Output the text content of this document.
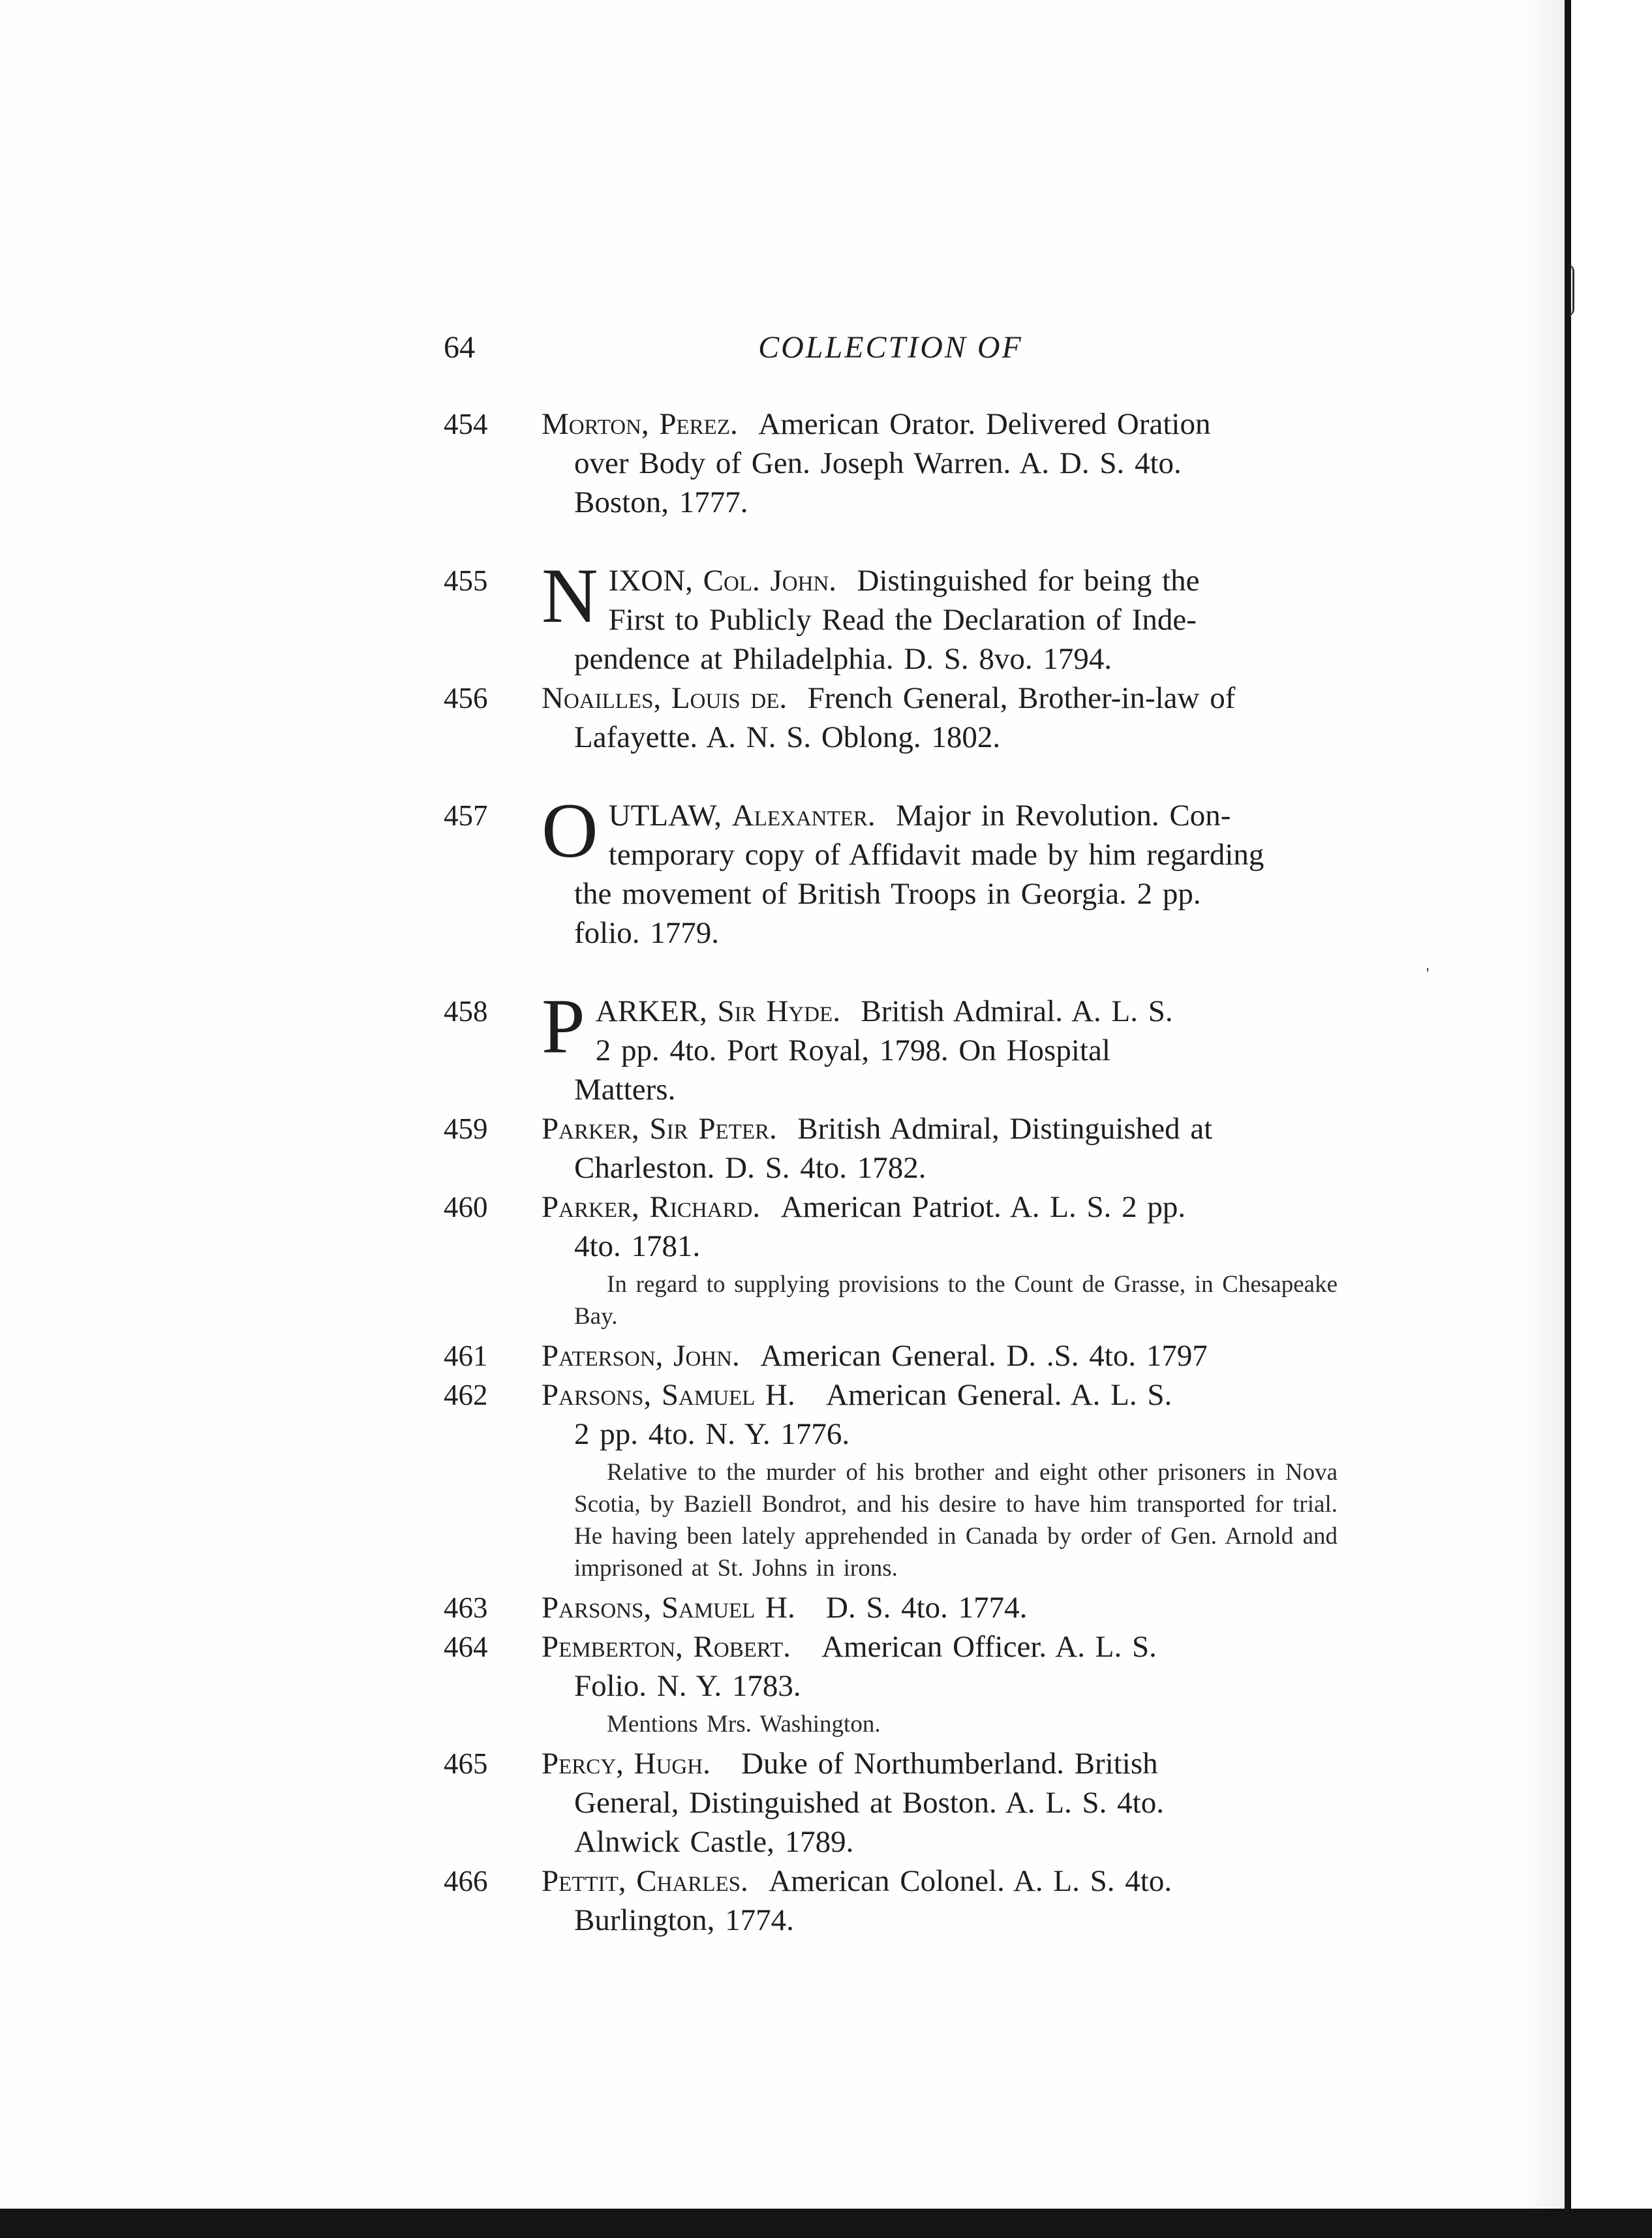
'
64	COLLECTION OF
454	Morton, Perez. American Orator. Delivered Oration
over Body of Gen. Joseph Warren. A. D. S. 4to.
Boston, 1777.
455 N IXON, Col. John. Distinguished for being the
First to Publicly Read the Declaration of Inde-
pendence at Philadelphia. D. S. 8vo. 1794.
456	Noailles, Louis de. French General, Brother-in-law of
Lafayette. A. N. S. Oblong. 1802.
457 O UTLAW, Alexanter. Major in Revolution. Con-
temporary copy of Affidavit made by him regarding
the movement of British Troops in Georgia. 2 pp.
folio. 1779.
458 P ARKER, Sir Hyde. British Admiral. A. L. S.
2 pp. 4to. Port Royal, 1798. On Hospital
Matters.
459	Parker, Sir Peter. British Admiral, Distinguished at
Charleston. D. S. 4to. 1782.
460	Parker, Richard. American Patriot. A. L. S. 2 pp.
4to. 1781.
In regard to supplying provisions to the Count de Grasse, in Chesapeake Bay.
461	Paterson, John. American General. D. .S. 4to. 1797
462	Parsons, Samuel H. American General. A. L. S.
2 pp. 4to. N. Y. 1776.
Relative to the murder of his brother and eight other prisoners in Nova Scotia, by Baziell Bondrot, and his desire to have him transported for trial. He having been lately apprehended in Canada by order of Gen. Arnold and imprisoned at St. Johns in irons.
463	Parsons, Samuel H. D. S. 4to. 1774.
464	Pemberton, Robert. American Officer. A. L. S.
Folio. N. Y. 1783.
Mentions Mrs. Washington.
465	Percy, Hugh. Duke of Northumberland. British
General, Distinguished at Boston. A. L. S. 4to.
Alnwick Castle, 1789.
466	Pettit, Charles. American Colonel. A. L. S. 4to.
Burlington, 1774.
